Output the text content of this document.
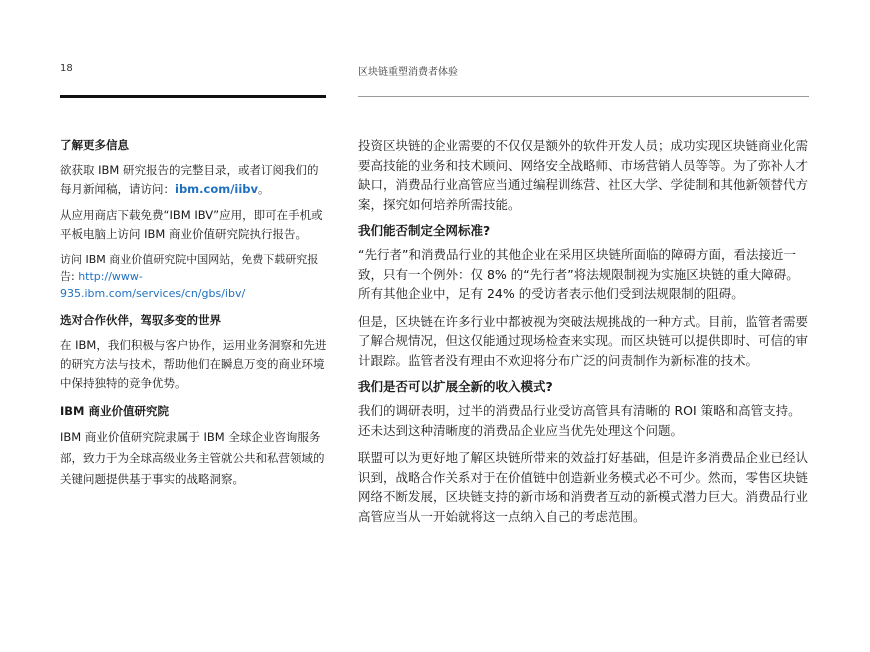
18	区块链重塑消费者体验
了解更多信息

欲获取 IBM 研究报告的完整目录，或者订阅我们的每月新闻稿，请访问：ibm.com/iibv。

从应用商店下载免费“IBM IBV”应用，即可在手机或平板电脑上访问 IBM 商业价值研究院执行报告。

访问 IBM 商业价值研究院中国网站，免费下载研究报告: http://www-935.ibm.com/services/cn/gbs/ibv/

选对合作伙伴，驾驭多变的世界

在 IBM，我们积极与客户协作，运用业务洞察和先进的研究方法与技术，帮助他们在瞬息万变的商业环境中保持独特的竞争优势。

IBM 商业价值研究院

IBM 商业价值研究院隶属于 IBM 全球企业咨询服务部，致力于为全球高级业务主管就公共和私营领域的关键问题提供基于事实的战略洞察。

投资区块链的企业需要的不仅仅是额外的软件开发人员；成功实现区块链商业化需要高技能的业务和技术顾问、网络安全战略师、市场营销人员等等。为了弥补人才缺口，消费品行业高管应当通过编程训练营、社区大学、学徒制和其他新领替代方案，探究如何培养所需技能。

我们能否制定全网标准?

“先行者”和消费品行业的其他企业在采用区块链所面临的障碍方面，看法接近一致，只有一个例外：仅 8% 的“先行者”将法规限制视为实施区块链的重大障碍。所有其他企业中，足有 24% 的受访者表示他们受到法规限制的阻碍。

但是，区块链在许多行业中都被视为突破法规挑战的一种方式。目前，监管者需要了解合规情况，但这仅能通过现场检查来实现。而区块链可以提供即时、可信的审计跟踪。监管者没有理由不欢迎将分布广泛的问责制作为新标准的技术。

我们是否可以扩展全新的收入模式?

我们的调研表明，过半的消费品行业受访高管具有清晰的 ROI 策略和高管支持。还未达到这种清晰度的消费品企业应当优先处理这个问题。

联盟可以为更好地了解区块链所带来的效益打好基础，但是许多消费品企业已经认识到，战略合作关系对于在价值链中创造新业务模式必不可少。然而，零售区块链网络不断发展，区块链支持的新市场和消费者互动的新模式潜力巨大。消费品行业高管应当从一开始就将这一点纳入自己的考虑范围。
